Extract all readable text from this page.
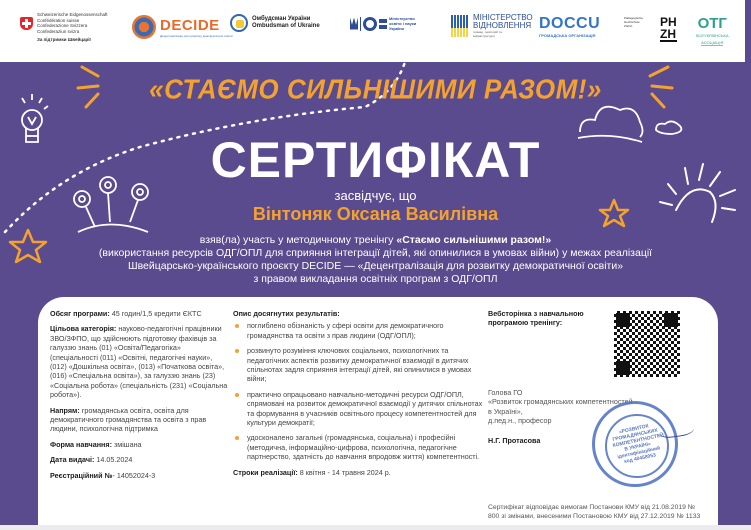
Schweizerische Eidgenossenschaft
Confédération suisse
Confederazione Svizzera
Confederaziun svizra
За підтримки Швейцарії
DECIDE
Децентралізація для розвитку демократичної освіти
Омбудсман України
Ombudsman of Ukraine
Міністерство освіти і науки України
МІНІСТЕРСТВО ВІДНОВЛЕННЯ
громад, територій та інфраструктури
DOCCU
ГРОМАДСЬКА ОРГАНІЗАЦІЯ
Pädagogische Hochschule Zürich	PH
ZH
ОТГ
ВСЕУКРАЇНСЬКА
АСОЦІАЦІЯ
«СТАЄМО СИЛЬНІШИМИ РАЗОМ!»
СЕРТИФІКАТ
засвідчує, що
Вінтоняк Оксана Василівна
взяв(ла) участь у методичному тренінгу «Стаємо сильнішими разом!»
(використання ресурсів ОДГ/ОПЛ для сприяння інтеграції дітей, які опинилися в умовах війни) у межах реалізації
Швейцарсько-українського проєкту DECIDE — «Децентралізація для розвитку демократичної освіти»
з правом викладання освітніх програм з ОДГ/ОПЛ

Обсяг програми: 45 годин/1,5 кредити ЄКТС

Цільова категорія: науково-педагогічні працівники ЗВО/ЗФПО, що здійснюють підготовку фахівців за галуззю знань (01) «Освіта/Педагогіка» (спеціальності (011) «Освітні, педагогічні науки», (012) «Дошкільна освіта», (013) «Початкова освіта», (016) «Спеціальна освіта»), за галуззю знань (23) «Соціальна робота» (спеціальність (231) «Соціальна робота»).

Напрям: громадянська освіта, освіта для демократичного громадянства та освіта з прав людини, психологічна підтримка

Форма навчання: змішана

Дата видачі: 14.05.2024

Реєстраційний №- 14052024-3

Опис досягнутих результатів:
поглиблено обізнаність у сфері освіти для демократичного громадянства та освіти з прав людини (ОДГ/ОПЛ);
розвинуто розуміння ключових соціальних, психологічних та педагогічних аспектів розвитку демократичної взаємодії в дитячих спільнотах задля сприяння інтеграції дітей, які опинилися в умовах війни;
практично опрацьовано навчально-методичні ресурси ОДГ/ОПЛ, спрямовані на розвиток демократичної взаємодії у дитячих спільнотах та формування в учасників освітнього процесу компетентностей для культури демократії;
удосконалено загальні (громадянська, соціальна) і професійні (методична, інформаційно-цифрова, психологічна, педагогічне партнерство, здатність до навчання впродовж життя) компетентності.

Строки реалізації: 8 квітня - 14 травня 2024 р.

Вебсторінка з навчальною програмою тренінгу:
Голова ГО
«Розвиток громадянських компетентностей в Україні»,
д.пед.н., професор
Н.Г. Протасова
«РОЗВИТОК ГРОМАДЯНСЬКИХ КОМПЕТЕНТНОСТЕЙ В УКРАЇНІ» ідентифікаційний код 40458053
Сертифікат відповідає вимогам Постанови КМУ від 21.08.2019 № 800 зі змінами, внесеними Постановою КМУ від 27.12.2019 № 1133
